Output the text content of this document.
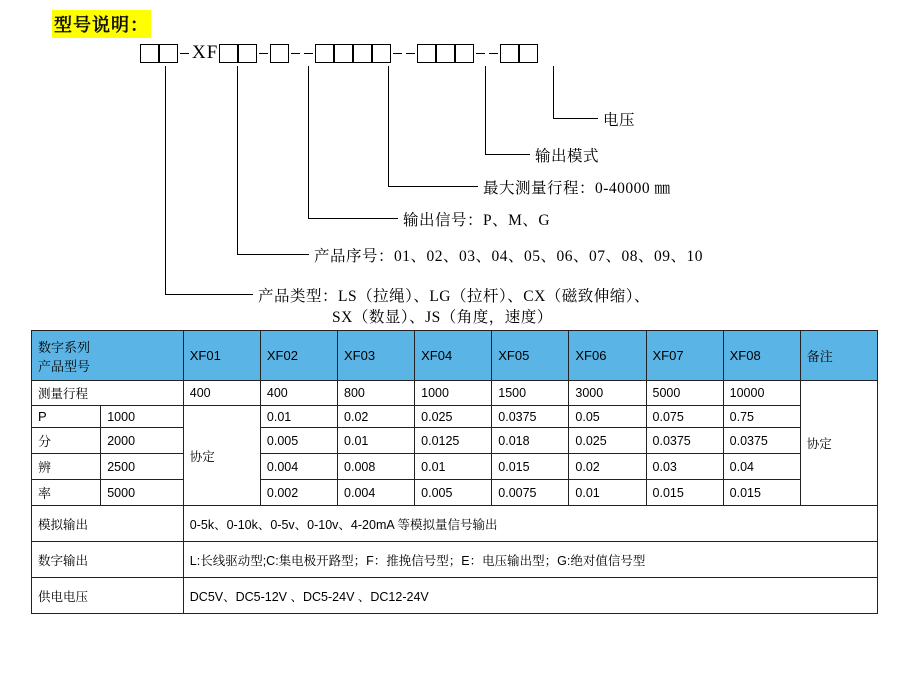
型号说明：
XF
电压
输出模式
最大测量行程：0-40000 ㎜
输出信号：P、M、G
产品序号：01、02、03、04、05、06、07、08、09、10
产品类型：LS（拉绳）、LG（拉杆）、CX（磁致伸缩）、
SX（数显）、JS（角度，速度）
数字系列
产品型号		XF01	XF02	XF03	XF04	XF05	XF06	XF07	XF08	备注
测量行程		400	400	800	1000	1500	3000	5000	10000	协定
P	1000	协定	0.01	0.02	0.025	0.0375	0.05	0.075	0.75	
分	2000		0.005	0.01	0.0125	0.018	0.025	0.0375	0.0375	
辨	2500		0.004	0.008	0.01	0.015	0.02	0.03	0.04	
率	5000		0.002	0.004	0.005	0.0075	0.01	0.015	0.015	
模拟输出		0-5k、0-10k、0-5v、0-10v、4-20mA 等模拟量信号输出								
数字输出		L:长线驱动型;C:集电极开路型；F：推挽信号型；E：电压输出型；G:绝对值信号型								
供电电压		DC5V、DC5-12V 、DC5-24V 、DC12-24V								
